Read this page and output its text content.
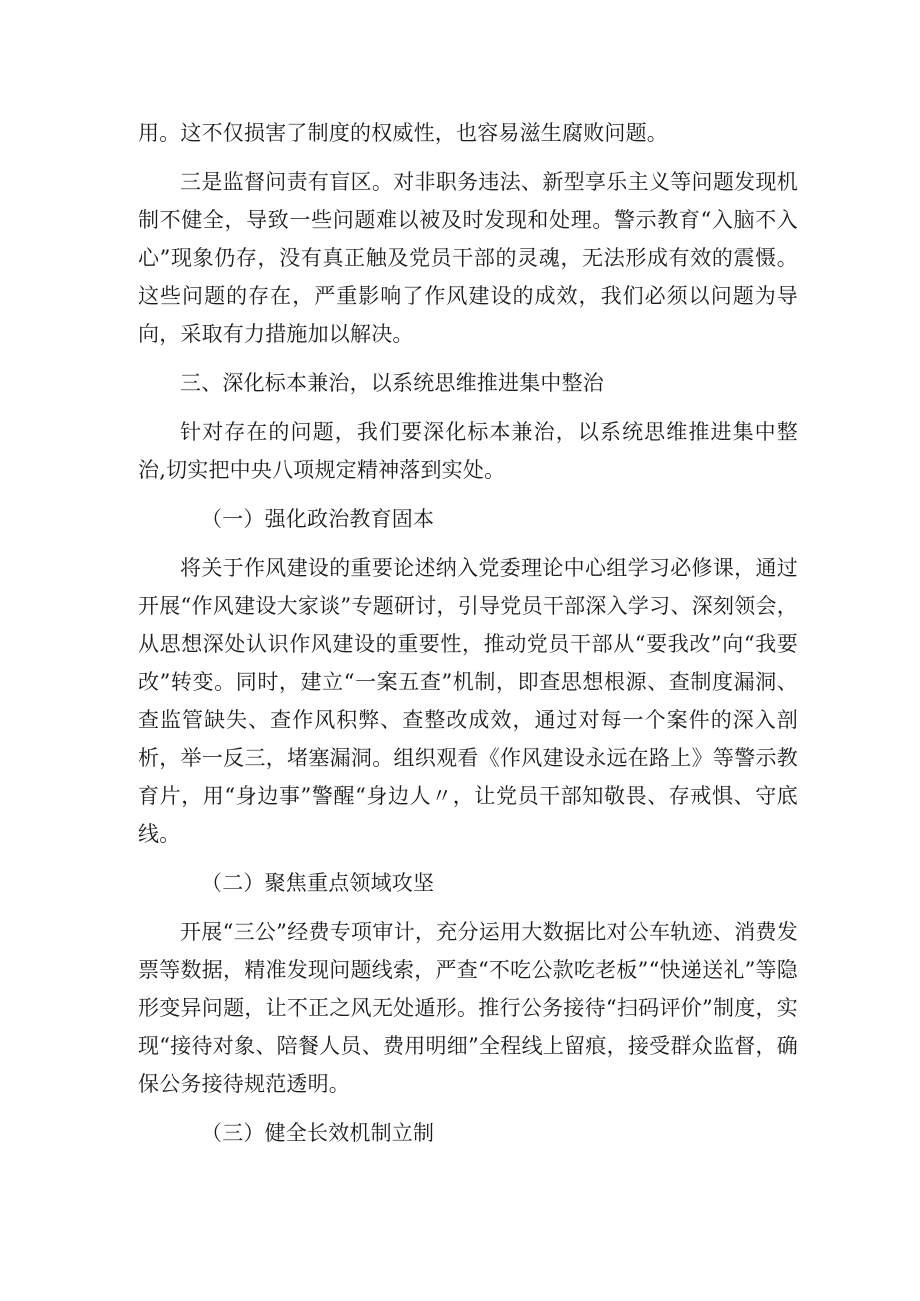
用。这不仅损害了制度的权威性，也容易滋生腐败问题。

三是监督问责有盲区。对非职务违法、新型享乐主义等问题发现机制不健全，导致一些问题难以被及时发现和处理。警示教育“入脑不入心”现象仍存，没有真正触及党员干部的灵魂，无法形成有效的震慑。这些问题的存在，严重影响了作风建设的成效，我们必须以问题为导向，采取有力措施加以解决。

三、深化标本兼治，以系统思维推进集中整治

针对存在的问题，我们要深化标本兼治，以系统思维推进集中整治,切实把中央八项规定精神落到实处。

（一）强化政治教育固本

将关于作风建设的重要论述纳入党委理论中心组学习必修课，通过开展“作风建设大家谈”专题研讨，引导党员干部深入学习、深刻领会，从思想深处认识作风建设的重要性，推动党员干部从“要我改”向“我要改”转变。同时，建立“一案五查”机制，即查思想根源、查制度漏洞、查监管缺失、查作风积弊、查整改成效，通过对每一个案件的深入剖析，举一反三，堵塞漏洞。组织观看《作风建设永远在路上》等警示教育片，用“身边事”警醒“身边人〃，让党员干部知敬畏、存戒惧、守底线。

（二）聚焦重点领域攻坚

开展“三公”经费专项审计，充分运用大数据比对公车轨迹、消费发票等数据，精准发现问题线索，严查“不吃公款吃老板”“快递送礼”等隐形变异问题，让不正之风无处遁形。推行公务接待“扫码评价”制度，实现“接待对象、陪餐人员、费用明细”全程线上留痕，接受群众监督，确保公务接待规范透明。

（三）健全长效机制立制
